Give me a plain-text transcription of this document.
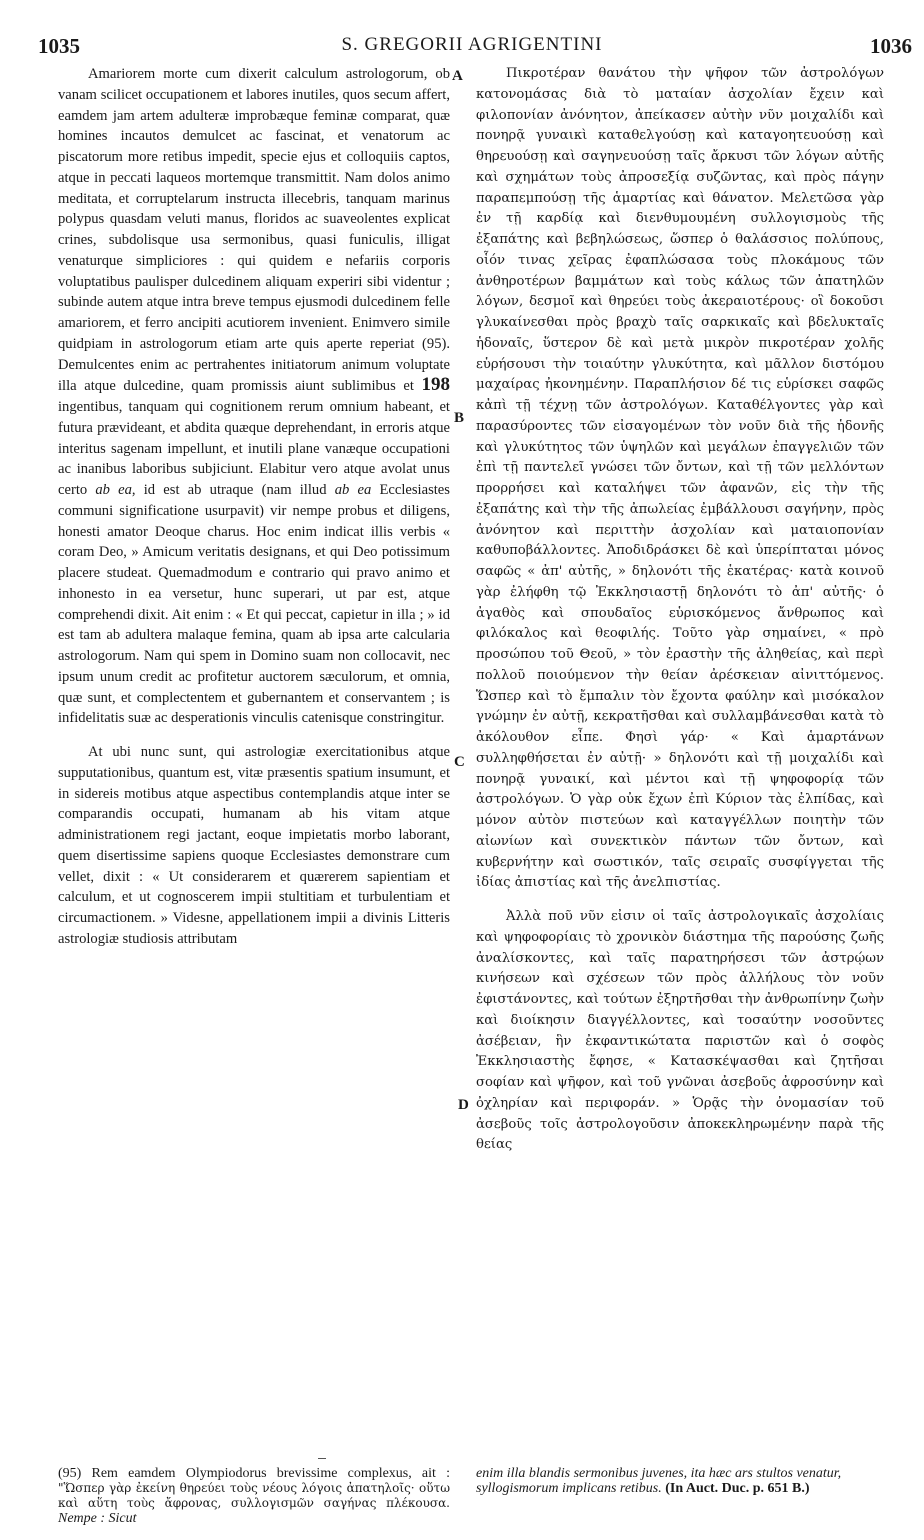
1035	S. GREGORII AGRIGENTINI	1036
A
B
C
D

Amariorem morte cum dixerit calculum astrologorum, ob vanam scilicet occupationem et labores inutiles, quos secum affert, eamdem jam artem adulteræ improbæque feminæ comparat, quæ homines incautos demulcet ac fascinat, et venatorum ac piscatorum more retibus impedit, specie ejus et colloquiis captos, atque in peccati laqueos mortemque transmittit. Nam dolos animo meditata, et corruptelarum instructa illecebris, tanquam marinus polypus quasdam veluti manus, floridos ac suaveolentes explicat crines, subdolisque usa sermonibus, quasi funiculis, illigat venaturque simpliciores : qui quidem e nefariis corporis voluptatibus paulisper dulcedinem aliquam experiri sibi videntur ; subinde autem atque intra breve tempus ejusmodi dulcedinem felle amariorem, et ferro ancipiti acutiorem invenient. Enimvero simile quidpiam in astrologorum etiam arte quis aperte reperiat (95). Demulcentes enim ac pertrahentes initiatorum animum voluptate illa atque dulcedine, quam promissis aiunt sublimibus et 198 ingentibus, tanquam qui cognitionem rerum omnium habeant, et futura prævideant, et abdita quæque deprehendant, in erroris atque interitus sagenam impellunt, et inutili plane vanæque occupationi ac inanibus laboribus subjiciunt. Elabitur vero atque avolat unus certo ab ea, id est ab utraque (nam illud ab ea Ecclesiastes communi significatione usurpavit) vir nempe probus et diligens, honesti amator Deoque charus. Hoc enim indicat illis verbis « coram Deo, » Amicum veritatis designans, et qui Deo potissimum placere studeat. Quemadmodum e contrario qui pravo animo et inhonesto in ea versetur, hunc superari, ut par est, atque comprehendi dixit. Ait enim : « Et qui peccat, capietur in illa ; » id est tam ab adultera malaque femina, quam ab ipsa arte calcularia astrologorum. Nam qui spem in Domino suam non collocavit, nec ipsum unum credit ac profitetur auctorem sæculorum, et omnia, quæ sunt, et complectentem et gubernantem et conservantem ; is infidelitatis suæ ac desperationis vinculis catenisque constringitur.

At ubi nunc sunt, qui astrologiæ exercitationibus atque supputationibus, quantum est, vitæ præsentis spatium insumunt, et in sidereis motibus atque aspectibus contemplandis atque inter se comparandis occupati, humanam ab his vitam atque administrationem regi jactant, eoque impietatis morbo laborant, quem disertissime sapiens quoque Ecclesiastes demonstrare cum vellet, dixit : « Ut considerarem et quærerem sapientiam et calculum, et ut cognoscerem impii stultitiam et turbulentiam et circumactionem. » Videsne, appellationem impii a divinis Litteris astrologiæ studiosis attributam

Πικροτέραν θανάτου τὴν ψῆφον τῶν ἀστρολόγων κατονομάσας διὰ τὸ ματαίαν ἀσχολίαν ἔχειν καὶ φιλοπονίαν ἀνόνητον, ἀπείκασεν αὐτὴν νῦν μοιχαλίδι καὶ πονηρᾷ γυναικὶ καταθελγούσῃ καὶ καταγοητευούσῃ καὶ θηρευούσῃ καὶ σαγηνευούσῃ ταῖς ἄρκυσι τῶν λόγων αὐτῆς καὶ σχημάτων τοὺς ἀπροσεξίᾳ συζῶντας, καὶ πρὸς πάγην παραπεμπούσῃ τῆς ἁμαρτίας καὶ θάνατον. Μελετῶσα γὰρ ἐν τῇ καρδίᾳ καὶ διενθυμουμένη συλλογισμοὺς τῆς ἐξαπάτης καὶ βεβηλώσεως, ὥσπερ ὁ θαλάσσιος πολύπους, οἷόν τινας χεῖρας ἐφαπλώσασα τοὺς πλοκάμους τῶν ἀνθηροτέρων βαμμάτων καὶ τοὺς κάλως τῶν ἀπατηλῶν λόγων, δεσμοῖ καὶ θηρεύει τοὺς ἀκεραιοτέρους· οἳ δοκοῦσι γλυκαίνεσθαι πρὸς βραχὺ ταῖς σαρκικαῖς καὶ βδελυκταῖς ἡδοναῖς, ὕστερον δὲ καὶ μετὰ μικρὸν πικροτέραν χολῆς εὑρήσουσι τὴν τοιαύτην γλυκύτητα, καὶ μᾶλλον διστόμου μαχαίρας ἠκονημένην. Παραπλήσιον δέ τις εὑρίσκει σαφῶς κἀπὶ τῇ τέχνῃ τῶν ἀστρολόγων. Καταθέλγοντες γὰρ καὶ παρασύροντες τῶν εἰσαγομένων τὸν νοῦν διὰ τῆς ἡδονῆς καὶ γλυκύτητος τῶν ὑψηλῶν καὶ μεγάλων ἐπαγγελιῶν τῶν ἐπὶ τῇ παντελεῖ γνώσει τῶν ὄντων, καὶ τῇ τῶν μελλόντων προρρήσει καὶ καταλήψει τῶν ἀφανῶν, εἰς τὴν τῆς ἐξαπάτης καὶ τὴν τῆς ἀπωλείας ἐμβάλλουσι σαγήνην, πρὸς ἀνόνητον καὶ περιττὴν ἀσχολίαν καὶ ματαιοπονίαν καθυποβάλλοντες. Ἀποδιδράσκει δὲ καὶ ὑπερίπταται μόνος σαφῶς « ἀπ' αὐτῆς, » δηλονότι τῆς ἑκατέρας· κατὰ κοινοῦ γὰρ ἐλήφθη τῷ Ἐκκλησιαστῇ δηλονότι τὸ ἀπ' αὐτῆς· ὁ ἀγαθὸς καὶ σπουδαῖος εὑρισκόμενος ἄνθρωπος καὶ φιλόκαλος καὶ θεοφιλής. Τοῦτο γὰρ σημαίνει, « πρὸ προσώπου τοῦ Θεοῦ, » τὸν ἐραστὴν τῆς ἀληθείας, καὶ περὶ πολλοῦ ποιούμενον τὴν θείαν ἀρέσκειαν αἰνιττόμενος. Ὥσπερ καὶ τὸ ἔμπαλιν τὸν ἔχοντα φαύλην καὶ μισόκαλον γνώμην ἐν αὐτῇ, κεκρατῆσθαι καὶ συλλαμβάνεσθαι κατὰ τὸ ἀκόλουθον εἶπε. Φησὶ γάρ· « Καὶ ἁμαρτάνων συλληφθήσεται ἐν αὐτῇ· » δηλονότι καὶ τῇ μοιχαλίδι καὶ πονηρᾷ γυναικί, καὶ μέντοι καὶ τῇ ψηφοφορίᾳ τῶν ἀστρολόγων. Ὁ γὰρ οὐκ ἔχων ἐπὶ Κύριον τὰς ἐλπίδας, καὶ μόνον αὐτὸν πιστεύων καὶ καταγγέλλων ποιητὴν τῶν αἰωνίων καὶ συνεκτικὸν πάντων τῶν ὄντων, καὶ κυβερνήτην καὶ σωστικόν, ταῖς σειραῖς συσφίγγεται τῆς ἰδίας ἀπιστίας καὶ τῆς ἀνελπιστίας.

Ἀλλὰ ποῦ νῦν εἰσιν οἱ ταῖς ἀστρολογικαῖς ἀσχολίαις καὶ ψηφοφορίαις τὸ χρονικὸν διάστημα τῆς παρούσης ζωῆς ἀναλίσκοντες, καὶ ταῖς παρατηρήσεσι τῶν ἀστρῴων κινήσεων καὶ σχέσεων τῶν πρὸς ἀλλήλους τὸν νοῦν ἐφιστάνοντες, καὶ τούτων ἐξηρτῆσθαι τὴν ἀνθρωπίνην ζωὴν καὶ διοίκησιν διαγγέλλοντες, καὶ τοσαύτην νοσοῦντες ἀσέβειαν, ἣν ἐκφαντικώτατα παριστῶν καὶ ὁ σοφὸς Ἐκκλησιαστὴς ἔφησε, « Κατασκέψασθαι καὶ ζητῆσαι σοφίαν καὶ ψῆφον, καὶ τοῦ γνῶναι ἀσεβοῦς ἀφροσύνην καὶ ὀχληρίαν καὶ περιφοράν. » Ὁρᾷς τὴν ὀνομασίαν τοῦ ἀσεβοῦς τοῖς ἀστρολογοῦσιν ἀποκεκληρωμένην παρὰ τῆς θείας

(95) Rem eamdem Olympiodorus brevissime complexus, ait : "Ὥσπερ γὰρ ἐκείνη θηρεύει τοὺς νέους λόγοις ἀπατηλοῖς· οὕτω καὶ αὕτη τοὺς ἄφρονας, συλλογισμῶν σαγήνας πλέκουσα. Nempe : Sicut
enim illa blandis sermonibus juvenes, ita hæc ars stultos venatur, syllogismorum implicans retibus. (In Auct. Duc. p. 651 B.)
